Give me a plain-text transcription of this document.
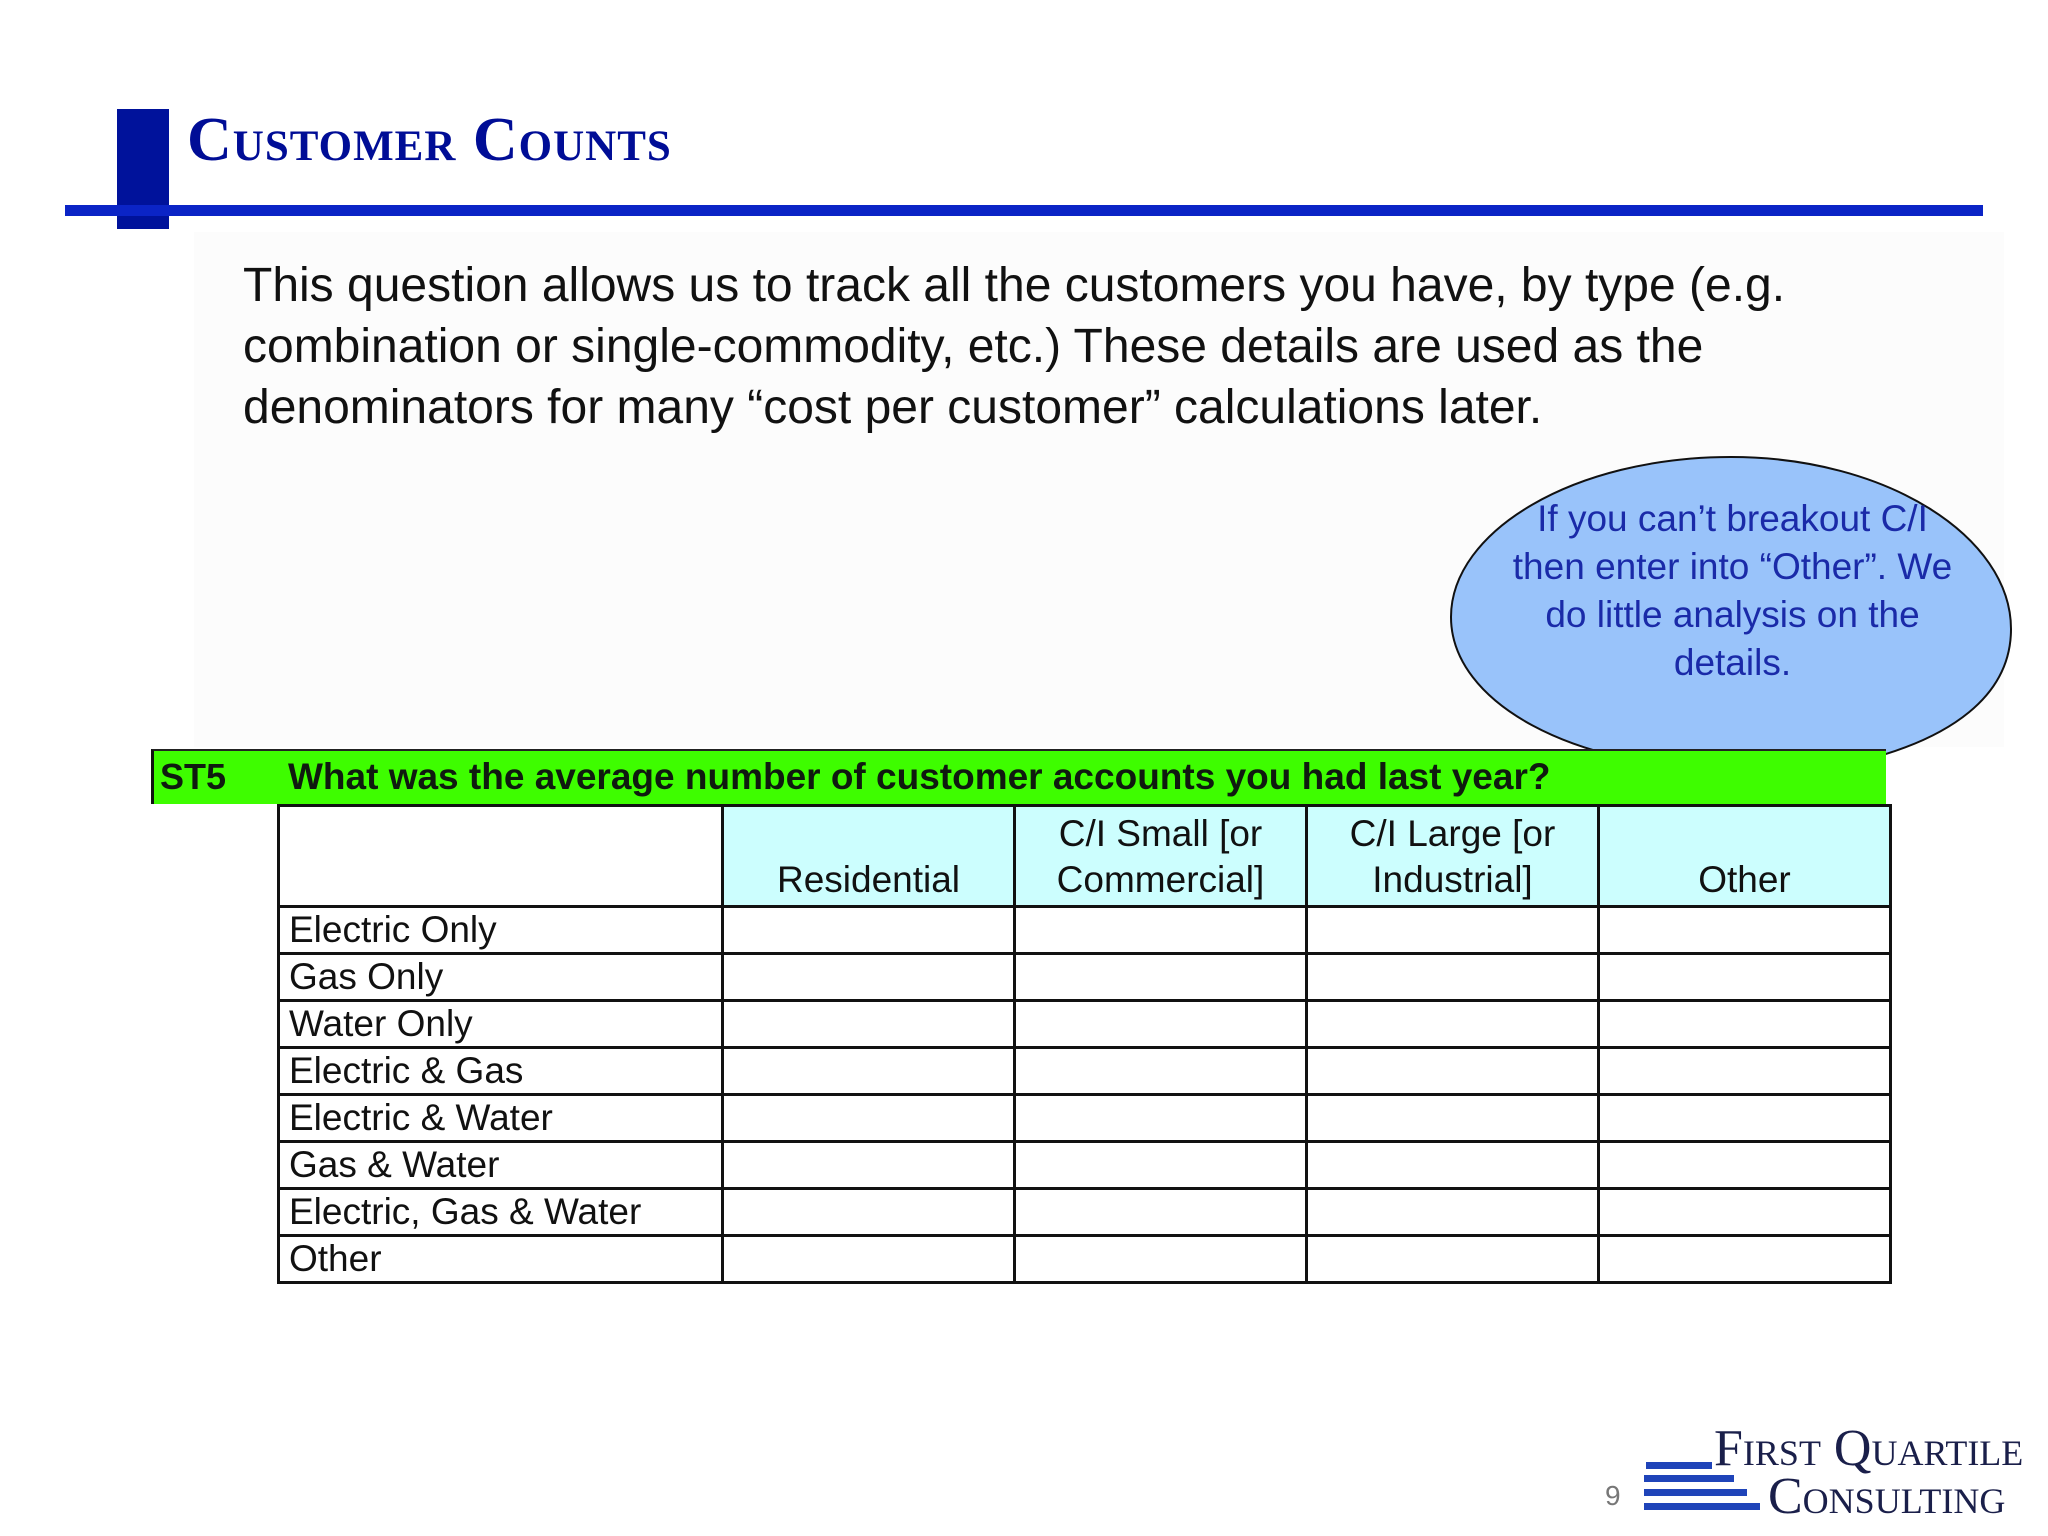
Customer Counts

This question allows us to track all the customers you have, by type (e.g. combination or single-commodity, etc.) These details are used as the denominators for many “cost per customer” calculations later.

If you can’t breakout C/I then enter into “Other”. We do little analysis on the details.
ST5 What was the average number of customer accounts you had last year?
	Residential	C/I Small [or Commercial]	C/I Large [or Industrial]	Other
Electric Only				
Gas Only				
Water Only				
Electric & Gas				
Electric & Water				
Gas & Water				
Electric, Gas & Water				
Other				
9
First Quartile
Consulting
